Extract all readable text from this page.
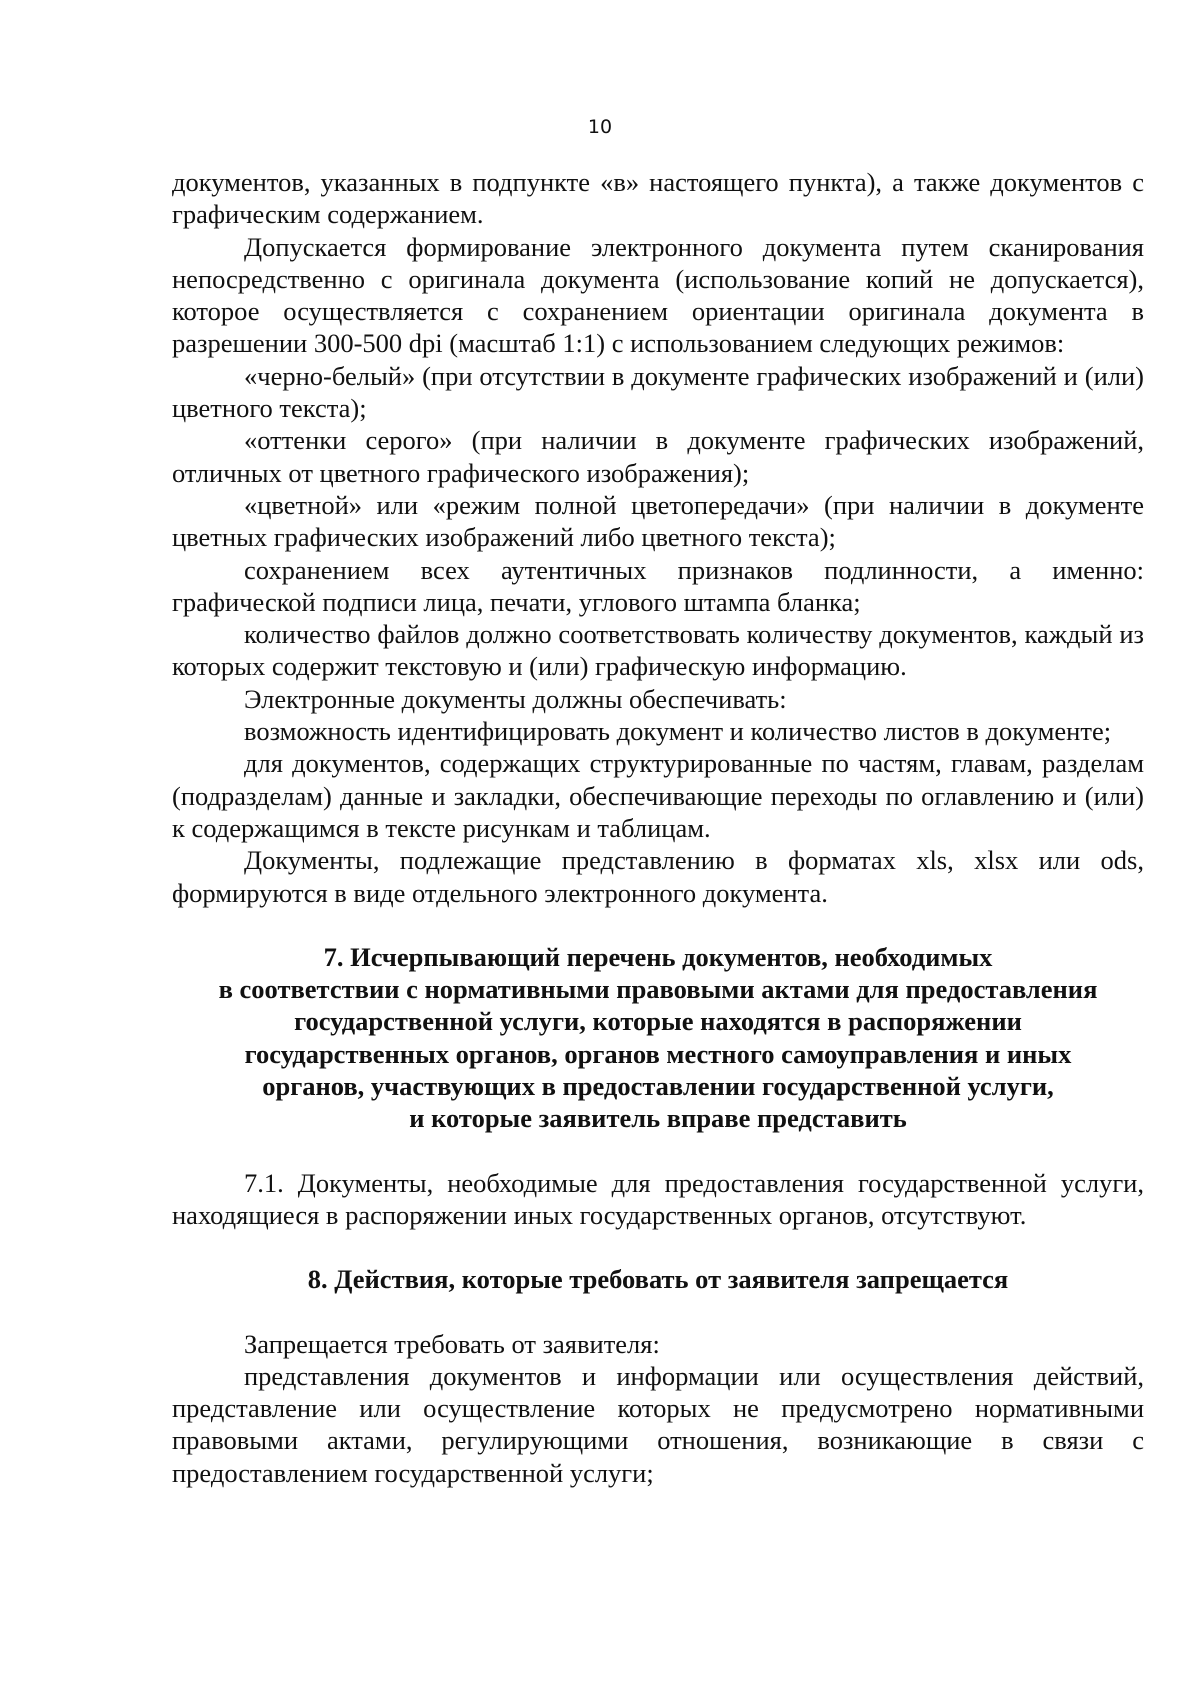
10

документов, указанных в подпункте «в» настоящего пункта), а также документов с графическим содержанием.

Допускается формирование электронного документа путем сканирования непосредственно с оригинала документа (использование копий не допускается), которое осуществляется с сохранением ориентации оригинала документа в разрешении 300-500 dpi (масштаб 1:1) с использованием следующих режимов:

«черно-белый» (при отсутствии в документе графических изображений и (или) цветного текста);

«оттенки серого» (при наличии в документе графических изображений, отличных от цветного графического изображения);

«цветной» или «режим полной цветопередачи» (при наличии в документе цветных графических изображений либо цветного текста);

сохранением всех аутентичных признаков подлинности, а именно: графической подписи лица, печати, углового штампа бланка;

количество файлов должно соответствовать количеству документов, каждый из которых содержит текстовую и (или) графическую информацию.

Электронные документы должны обеспечивать:

возможность идентифицировать документ и количество листов в документе;

для документов, содержащих структурированные по частям, главам, разделам (подразделам) данные и закладки, обеспечивающие переходы по оглавлению и (или) к содержащимся в тексте рисункам и таблицам.

Документы, подлежащие представлению в форматах xls, xlsx или ods, формируются в виде отдельного электронного документа.

7. Исчерпывающий перечень документов, необходимых
в соответствии с нормативными правовыми актами для предоставления
государственной услуги, которые находятся в распоряжении
государственных органов, органов местного самоуправления и иных
органов, участвующих в предоставлении государственной услуги,
и которые заявитель вправе представить

7.1. Документы, необходимые для предоставления государственной услуги, находящиеся в распоряжении иных государственных органов, отсутствуют.

8. Действия, которые требовать от заявителя запрещается

Запрещается требовать от заявителя:

представления документов и информации или осуществления действий, представление или осуществление которых не предусмотрено нормативными правовыми актами, регулирующими отношения, возникающие в связи с предоставлением государственной услуги;
